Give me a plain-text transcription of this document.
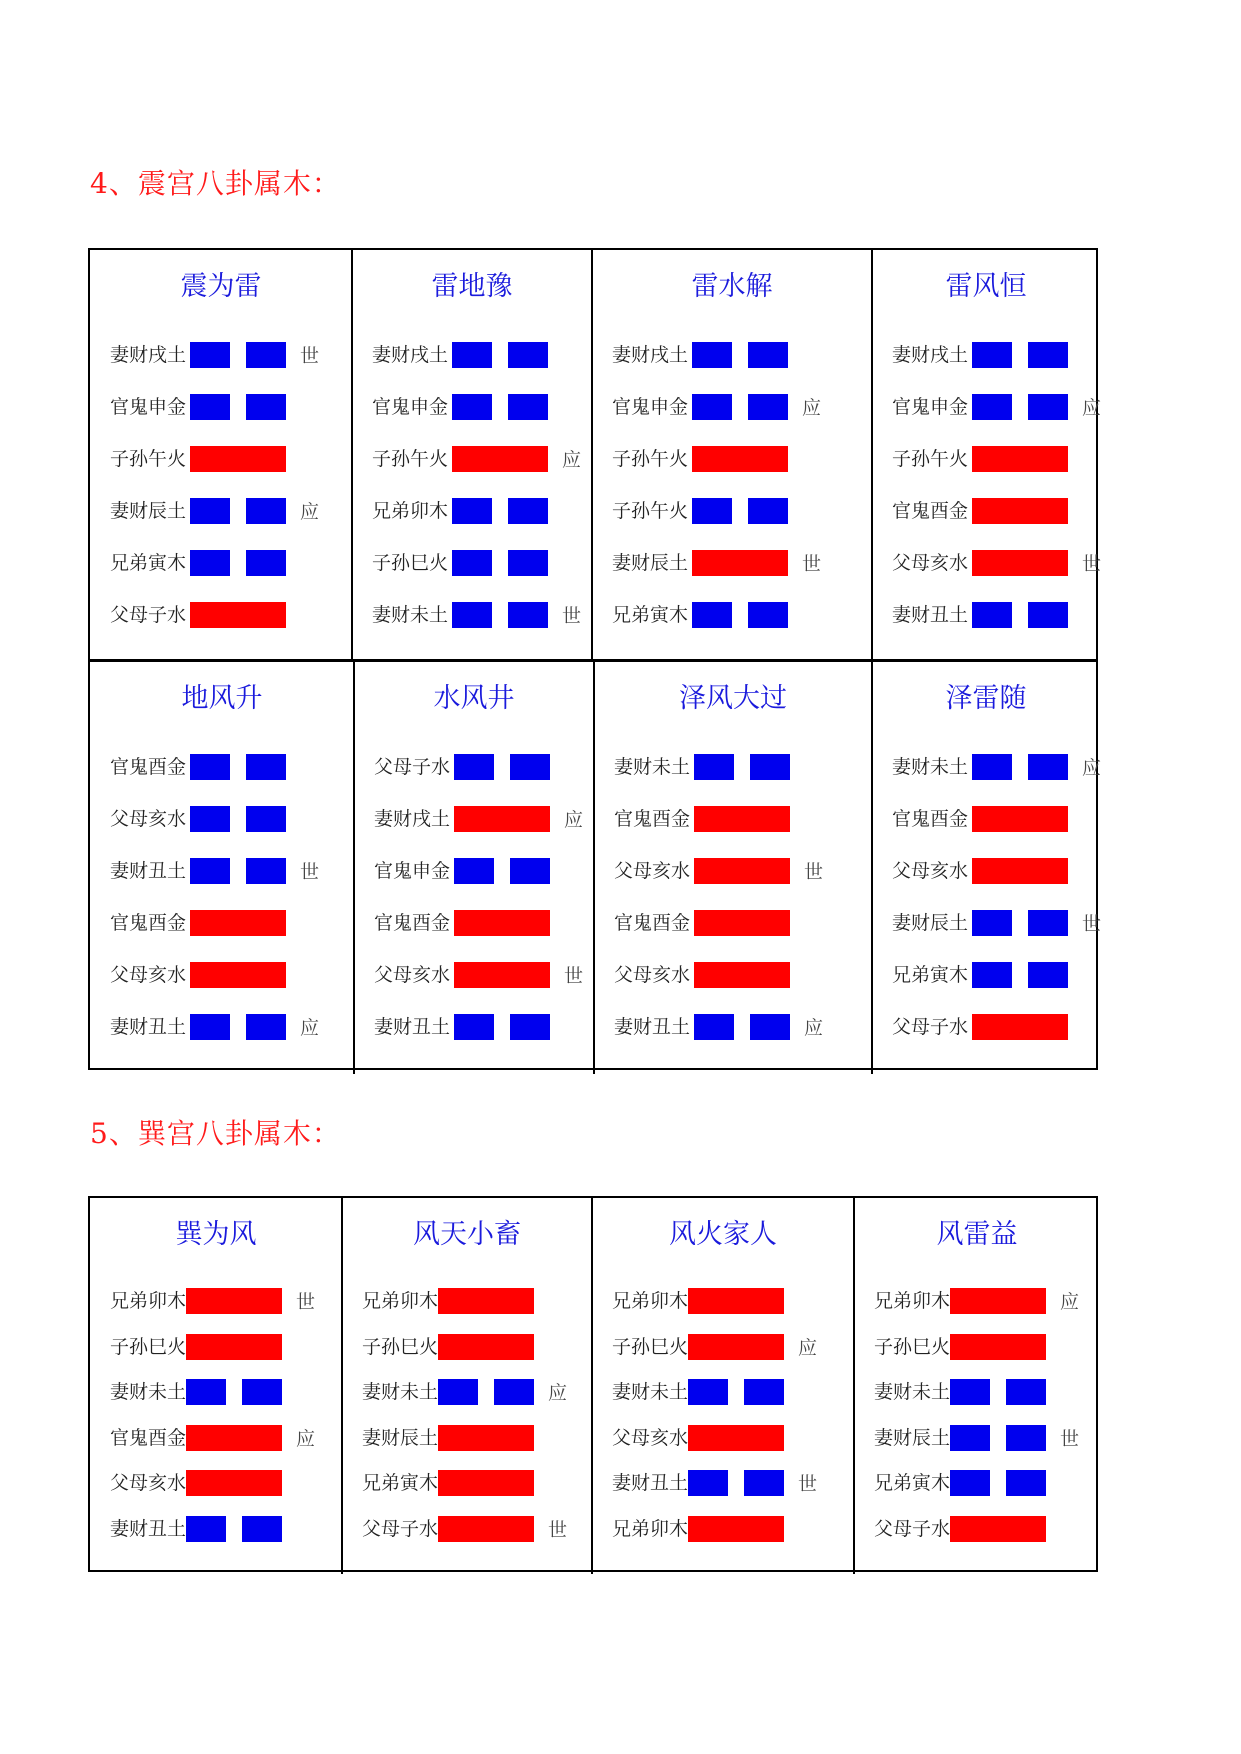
4、震宫八卦属木：
震为雷
妻财戌土	世
官鬼申金
子孙午火
妻财辰土	应
兄弟寅木
父母子水
雷地豫
妻财戌土
官鬼申金
子孙午火	应
兄弟卯木
子孙巳火
妻财未土	世
雷水解
妻财戌土
官鬼申金	应
子孙午火
子孙午火
妻财辰土	世
兄弟寅木
雷风恒
妻财戌土
官鬼申金	应
子孙午火
官鬼酉金
父母亥水	世
妻财丑土
地风升
官鬼酉金
父母亥水
妻财丑土	世
官鬼酉金
父母亥水
妻财丑土	应
水风井
父母子水
妻财戌土	应
官鬼申金
官鬼酉金
父母亥水	世
妻财丑土
泽风大过
妻财未土
官鬼酉金
父母亥水	世
官鬼酉金
父母亥水
妻财丑土	应
泽雷随
妻财未土	应
官鬼酉金
父母亥水
妻财辰土	世
兄弟寅木
父母子水
5、巽宫八卦属木：
巽为风
兄弟卯木	世
子孙巳火
妻财未土
官鬼酉金	应
父母亥水
妻财丑土
风天小畜
兄弟卯木
子孙巳火
妻财未土	应
妻财辰土
兄弟寅木
父母子水	世
风火家人
兄弟卯木
子孙巳火	应
妻财未土
父母亥水
妻财丑土	世
兄弟卯木
风雷益
兄弟卯木	应
子孙巳火
妻财未土
妻财辰土	世
兄弟寅木
父母子水
